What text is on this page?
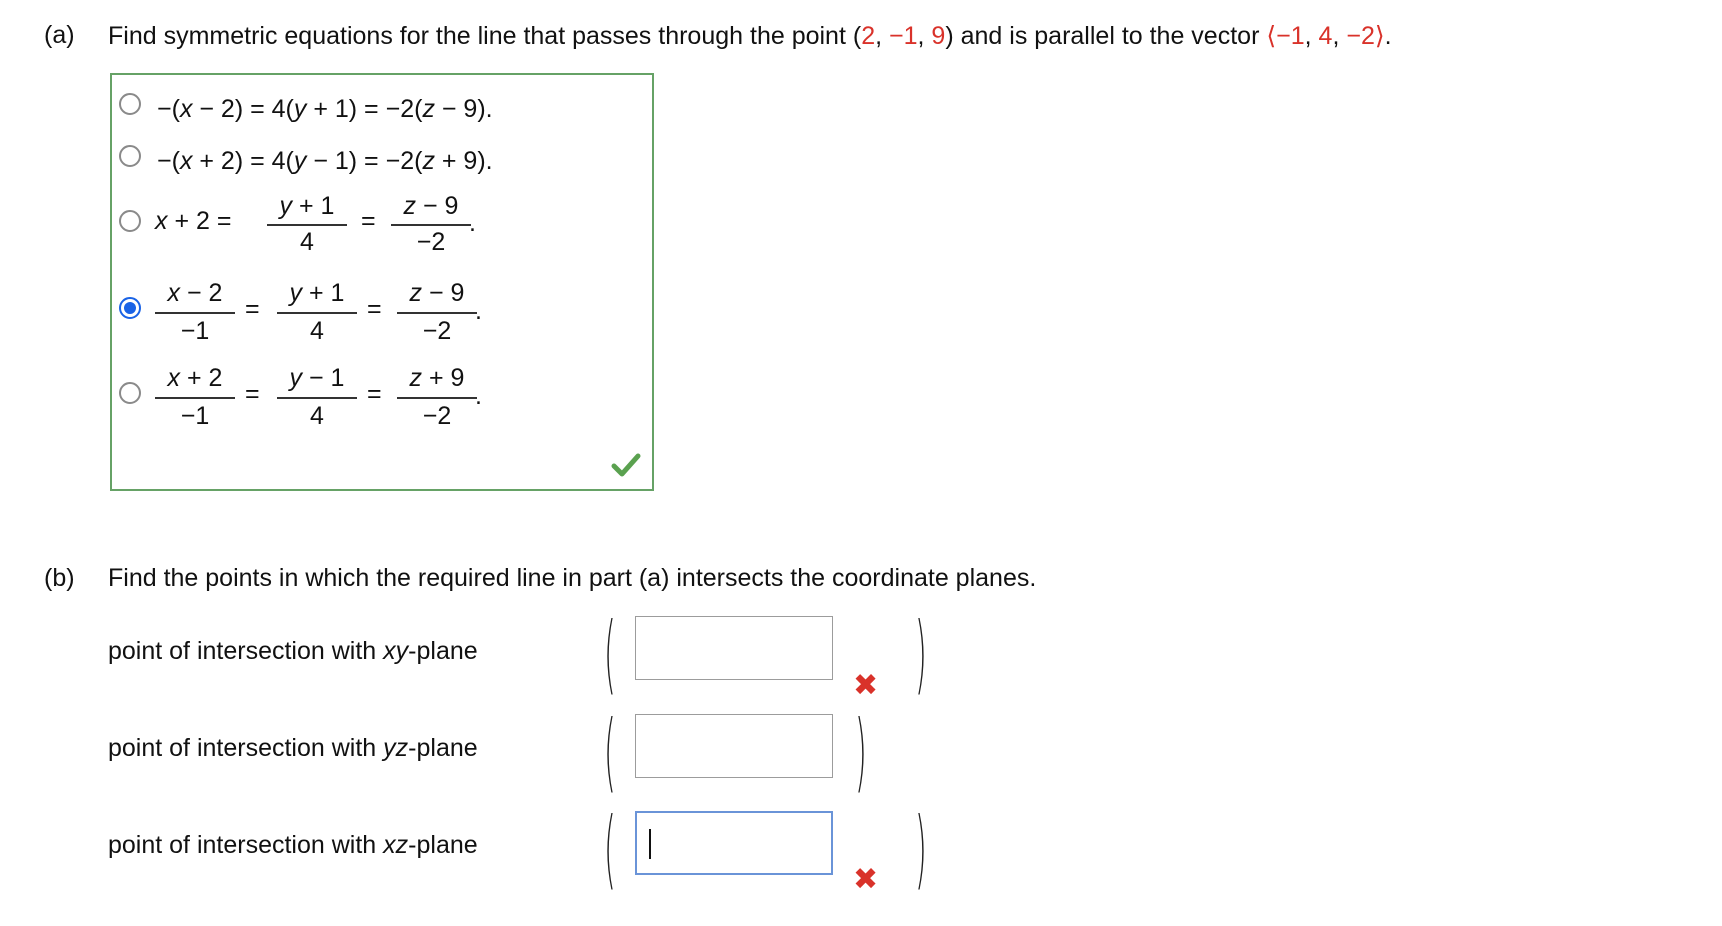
(a) Find symmetric equations for the line that passes through the point (2, −1, 9) and is parallel to the vector ⟨−1, 4, −2⟩.
−(x − 2) = 4(y + 1) = −2(z − 9).
−(x + 2) = 4(y − 1) = −2(z + 9).
x + 2 =
y + 1
4
=
z − 9
−2
.
x − 2
−1
=
y + 1
4
=
z − 9
−2
.
x + 2
−1
=
y − 1
4
=
z + 9
−2
.
(b) Find the points in which the required line in part (a) intersects the coordinate planes.
point of intersection with xy-plane (	✖ )
point of intersection with yz-plane (	)
point of intersection with xz-plane (	✖ )
